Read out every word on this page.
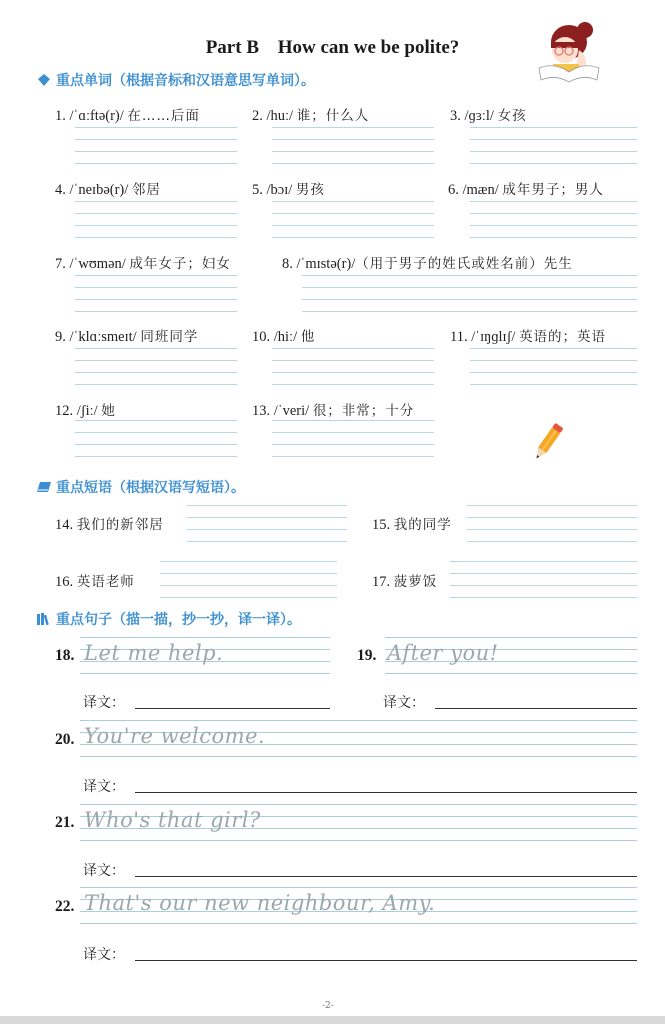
Part B How can we be polite?
重点单词（根据音标和汉语意思写单词）。
1. /ˈɑːftə(r)/ 在……后面	2. /huː/ 谁；什么人	3. /ɡɜːl/ 女孩
4. /ˈneɪbə(r)/ 邻居	5. /bɔɪ/ 男孩	6. /mæn/ 成年男子；男人
7. /ˈwʊmən/ 成年女子；妇女	8. /ˈmɪstə(r)/（用于男子的姓氏或姓名前）先生
9. /ˈklɑːsmeɪt/ 同班同学	10. /hiː/ 他	11. /ˈɪŋɡlɪʃ/ 英语的；英语
12. /ʃiː/ 她	13. /ˈveri/ 很；非常；十分
重点短语（根据汉语写短语）。
14. 我们的新邻居	15. 我的同学
16. 英语老师	17. 菠萝饭
重点句子（描一描，抄一抄，译一译）。
18. Let me help.
译文：
19. After you!
译文：
20. You're welcome.
译文：
21. Who's that girl?
译文：
22. That's our new neighbour, Amy.
译文：
-2-
